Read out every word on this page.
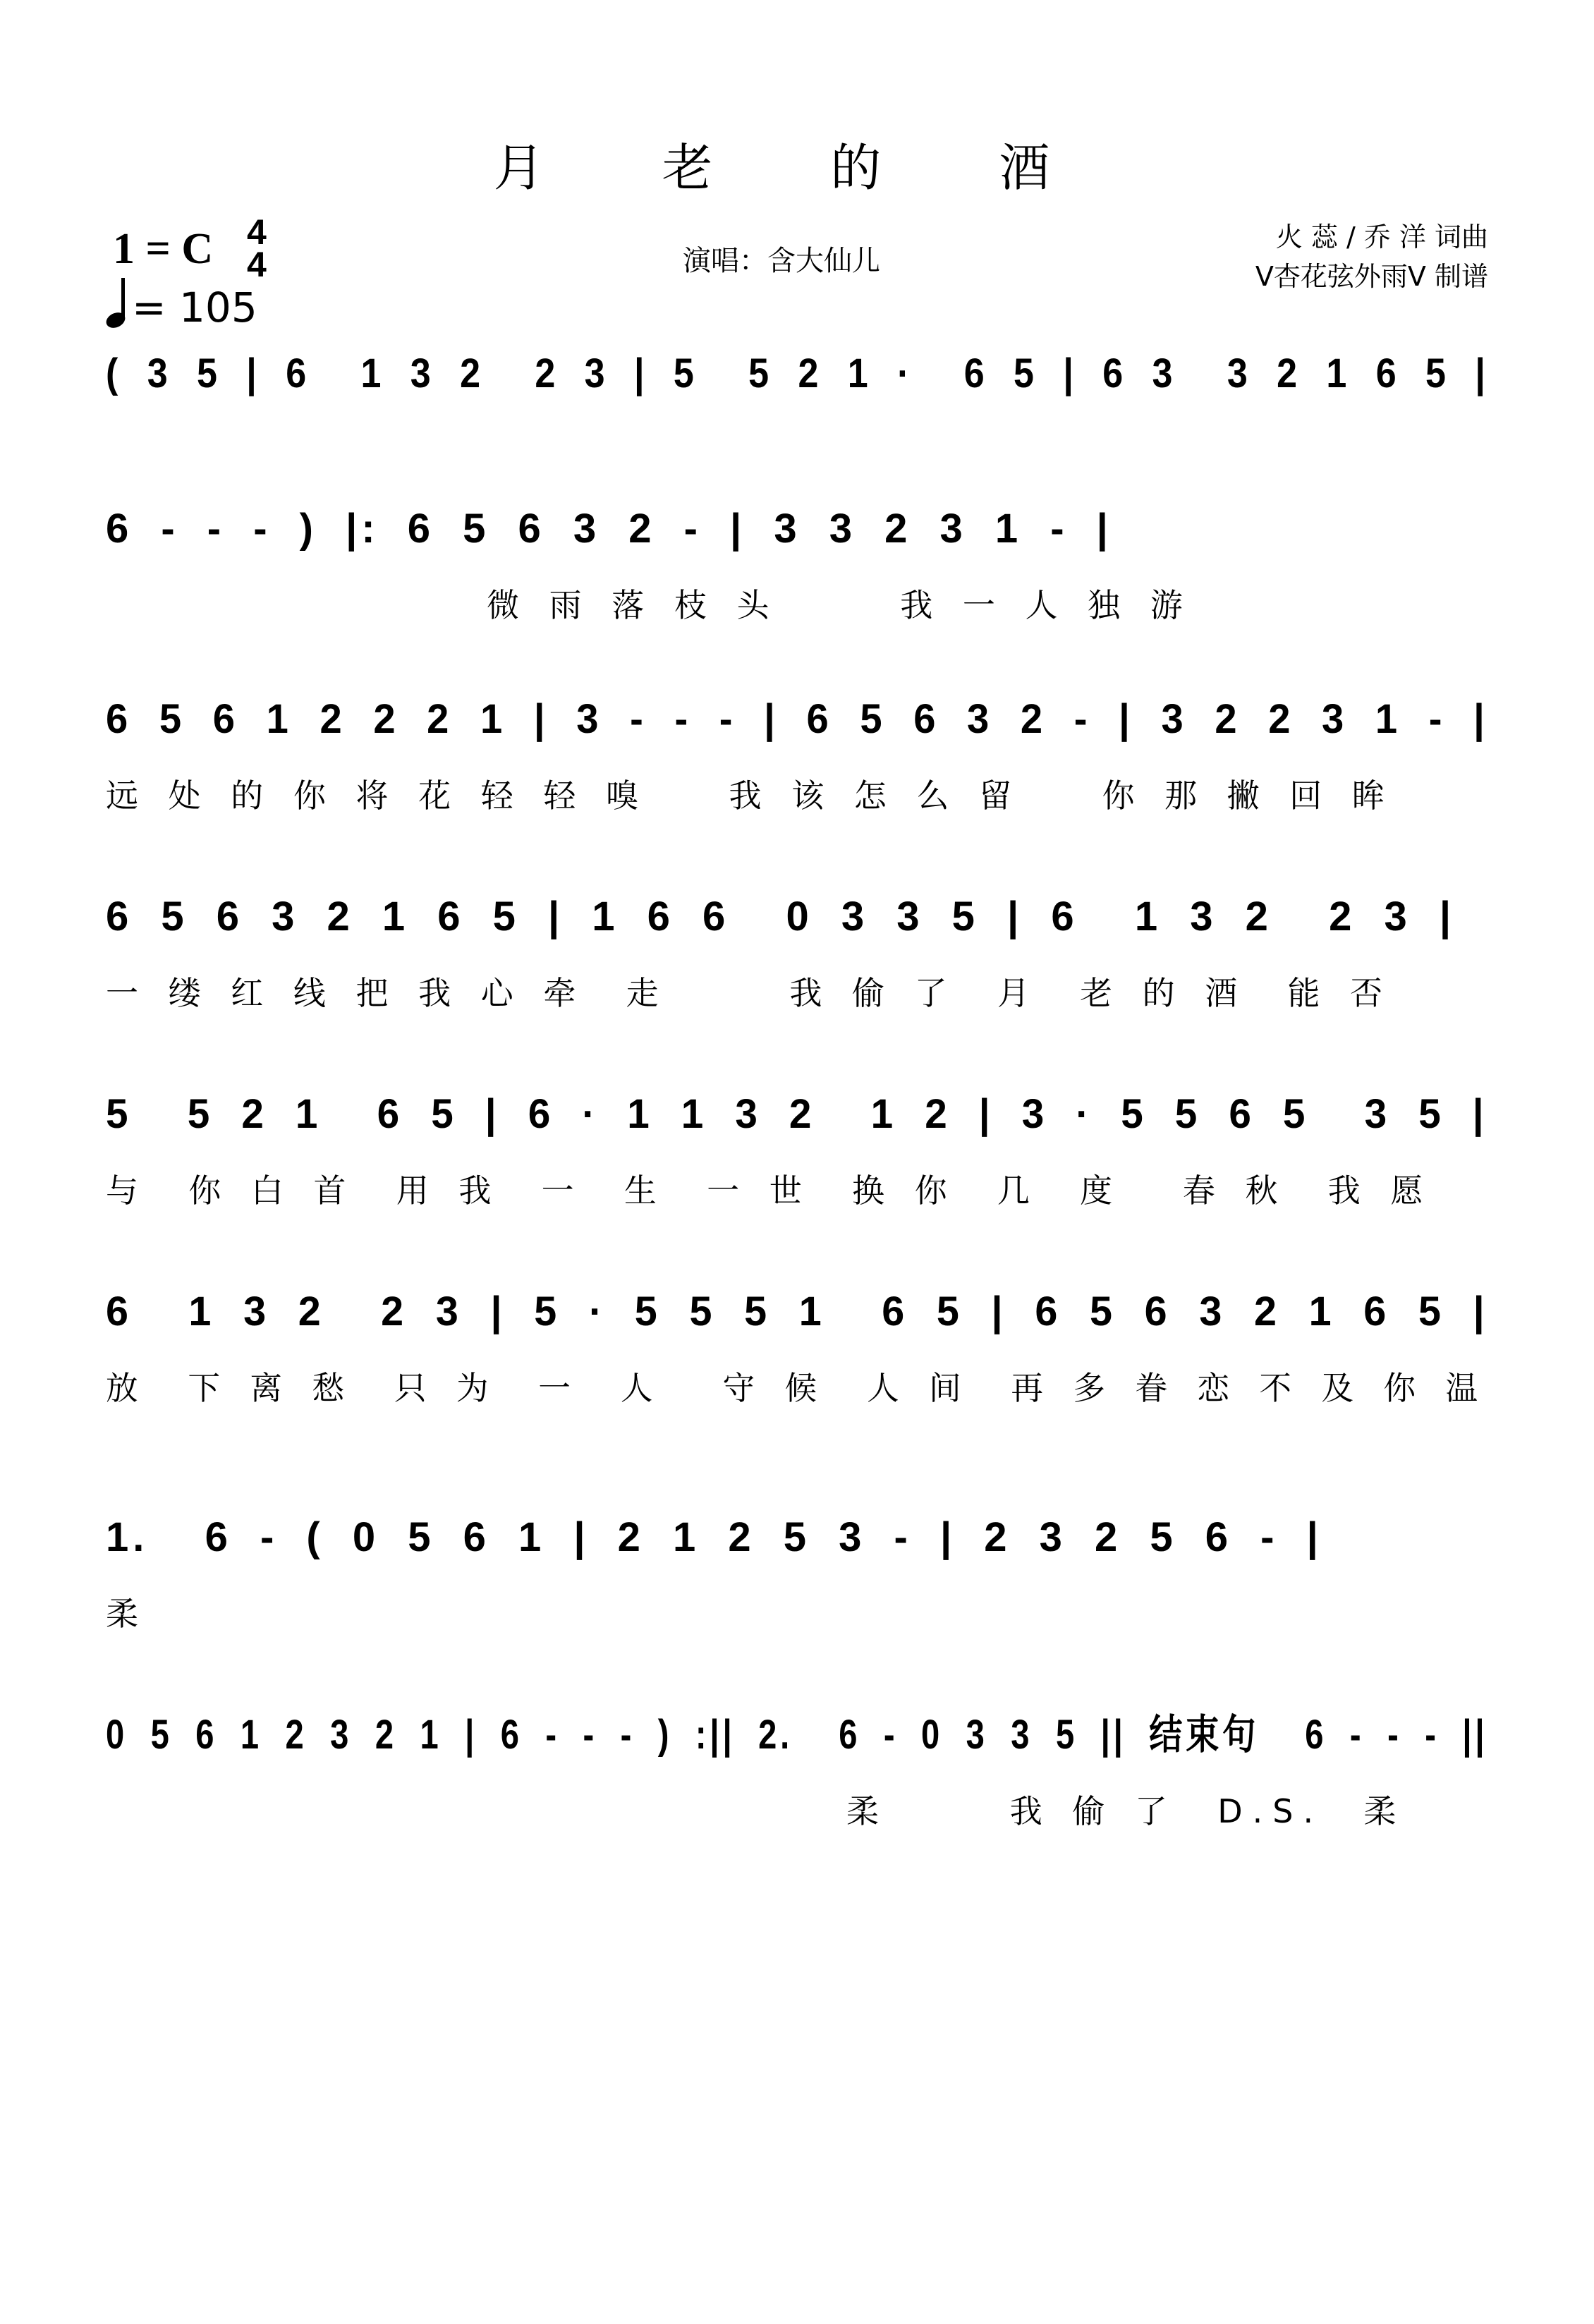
月 老 的 酒
1 = C 4
4
= 105
演唱：含大仙儿
火 蕊 / 乔 洋 词曲
V杏花弦外雨V 制谱
( 3 5 | 6  1 3 2  2 3 | 5  5 2 1 ·  6 5 | 6 3  3 2 1 6 5 |
6 - - - ) |: 6 5 6 3 2 - | 3 3 2 3 1 - |
微 雨 落 枝 头      我 一 人 独 游
6 5 6 1 2 2 2 1 | 3 - - - | 6 5 6 3 2 - | 3 2 2 3 1 - |
远 处 的 你 将 花 轻 轻 嗅    我 该 怎 么 留    你 那 撇 回 眸
6 5 6 3 2 1 6 5 | 1 6 6  0 3 3 5 | 6  1 3 2  2 3 |
一 缕 红 线 把 我 心 牵  走      我 偷 了  月  老 的 酒  能 否
5  5 2 1  6 5 | 6 · 1 1 3 2  1 2 | 3 · 5 5 6 5  3 5 |
与  你 白 首  用 我  一  生  一 世  换 你  几  度   春 秋  我 愿
6  1 3 2  2 3 | 5 · 5 5 5 1  6 5 | 6 5 6 3 2 1 6 5 |
放  下 离 愁  只 为  一  人   守 候  人 间  再 多 眷 恋 不 及 你 温
1.  6 - ( 0 5 6 1 | 2 1 2 5 3 - | 2 3 2 5 6 - |
柔
0 5 6 1 2 3 2 1 | 6 - - - ) :|| 2.  6 - 0 3 3 5 || 结束句  6 - - - ||
柔      我 偷 了  D.S.  柔
